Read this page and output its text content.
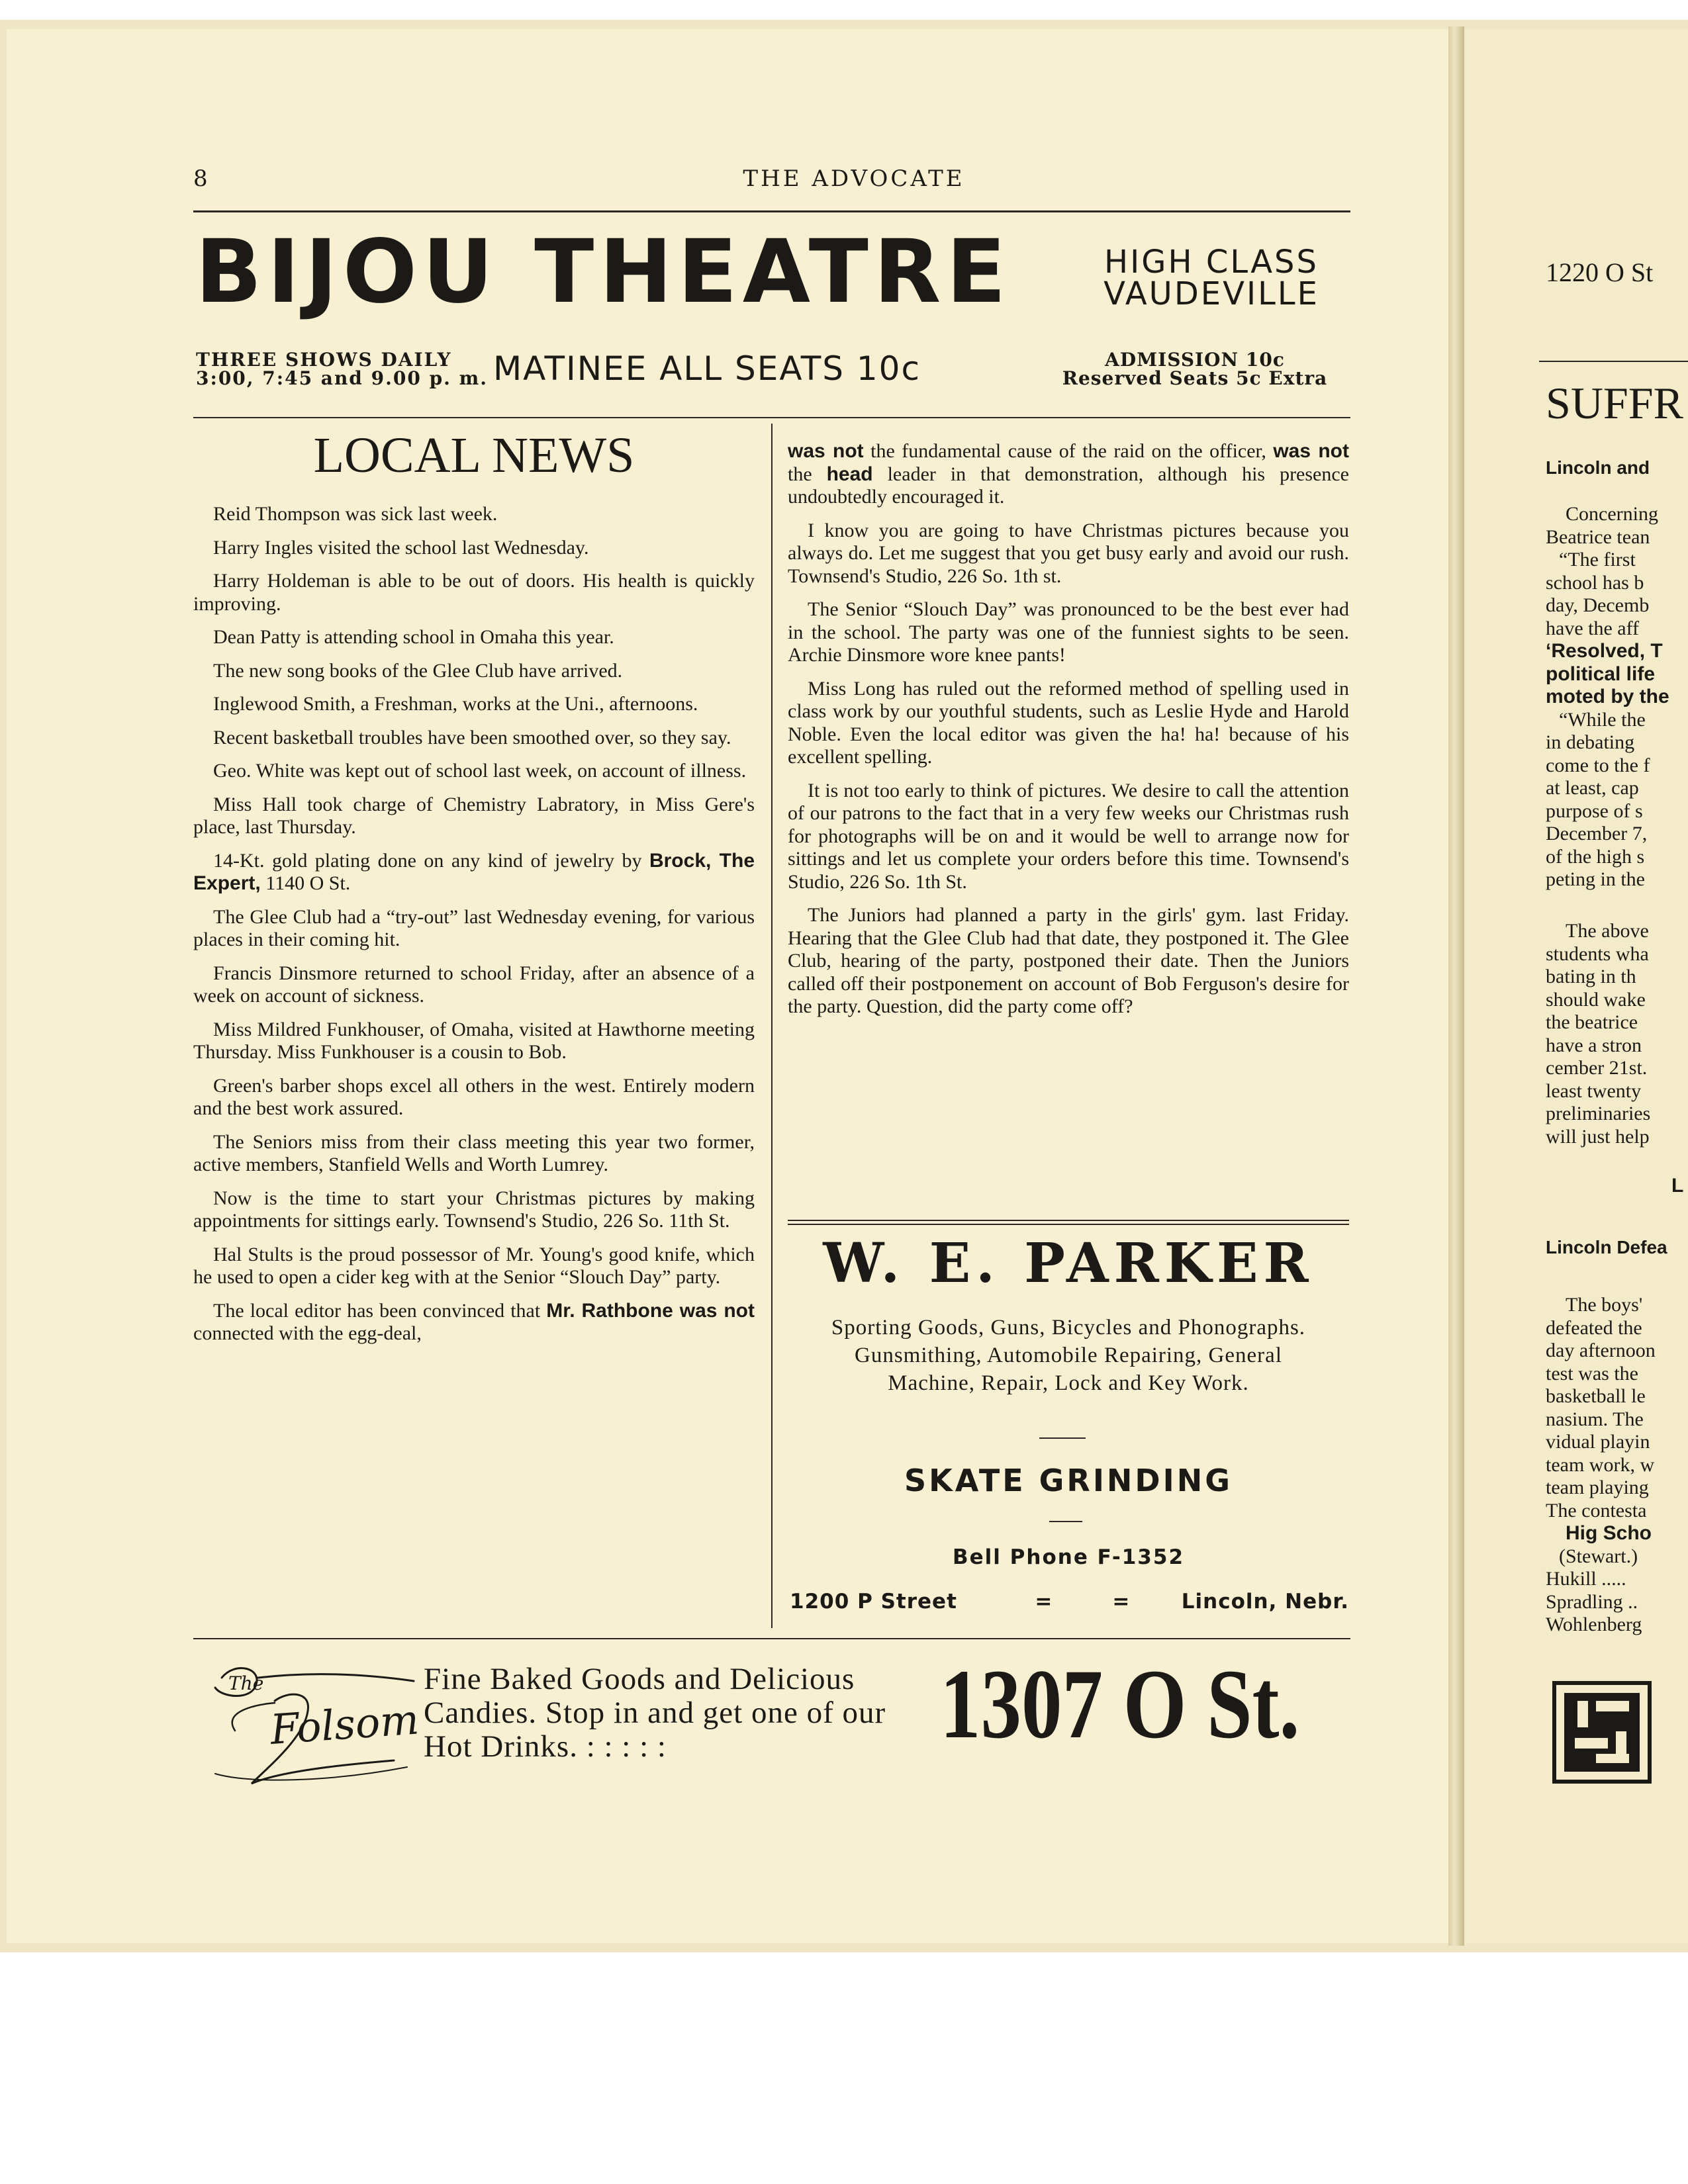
8	THE ADVOCATE
BIJOU THEATRE	HIGH CLASS
VAUDEVILLE
THREE SHOWS DAILY
3:00, 7:45 and 9.00 p. m. MATINEE ALL SEATS 10c	ADMISSION 10c
Reserved Seats 5c Extra
LOCAL NEWS

Reid Thompson was sick last week.

Harry Ingles visited the school last Wednesday.

Harry Holdeman is able to be out of doors. His health is quickly improving.

Dean Patty is attending school in Omaha this year.

The new song books of the Glee Club have arrived.

Inglewood Smith, a Freshman, works at the Uni., afternoons.

Recent basketball troubles have been smoothed over, so they say.

Geo. White was kept out of school last week, on account of illness.

Miss Hall took charge of Chemistry Labratory, in Miss Gere's place, last Thursday.

14-Kt. gold plating done on any kind of jewelry by Brock, The Expert, 1140 O St.

The Glee Club had a “try-out” last Wednesday evening, for various places in their coming hit.

Francis Dinsmore returned to school Friday, after an absence of a week on account of sickness.

Miss Mildred Funkhouser, of Omaha, visited at Hawthorne meeting Thursday. Miss Funkhouser is a cousin to Bob.

Green's barber shops excel all others in the west. Entirely modern and the best work assured.

The Seniors miss from their class meeting this year two former, active members, Stanfield Wells and Worth Lumrey.

Now is the time to start your Christmas pictures by making appointments for sittings early. Townsend's Studio, 226 So. 11th St.

Hal Stults is the proud possessor of Mr. Young's good knife, which he used to open a cider keg with at the Senior “Slouch Day” party.

The local editor has been convinced that Mr. Rathbone was not connected with the egg-deal,

was not the fundamental cause of the raid on the officer, was not the head leader in that demonstration, although his presence undoubtedly encouraged it.

I know you are going to have Christmas pictures because you always do. Let me suggest that you get busy early and avoid our rush. Townsend's Studio, 226 So. 1th st.

The Senior “Slouch Day” was pronounced to be the best ever had in the school. The party was one of the funniest sights to be seen. Archie Dinsmore wore knee pants!

Miss Long has ruled out the reformed method of spelling used in class work by our youthful students, such as Leslie Hyde and Harold Noble. Even the local editor was given the ha! ha! because of his excellent spelling.

It is not too early to think of pictures. We desire to call the attention of our patrons to the fact that in a very few weeks our Christmas rush for photographs will be on and it would be well to arrange now for sittings and let us complete your orders before this time. Townsend's Studio, 226 So. 1th St.

The Juniors had planned a party in the girls' gym. last Friday. Hearing that the Glee Club had that date, they postponed it. The Glee Club, hearing of the party, postponed their date. Then the Juniors called off their postponement on account of Bob Ferguson's desire for the party. Question, did the party come off?

W. E. PARKER
Sporting Goods, Guns, Bicycles and Phonographs. Gunsmithing, Automobile Repairing, General Machine, Repair, Lock and Key Work.
SKATE GRINDING
Bell Phone F-1352
1200 P Street	=	= Lincoln, Nebr.
The
Folsom
Fine Baked Goods and Delicious Candies. Stop in and get one of our Hot Drinks. : : : : :	1307 O St.
1220 O St
SUFFR
Lincoln and
Concerning
Beatrice tean
“The first
school has b
day, Decemb
have the aff
‘Resolved, T
political life
moted by the
“While the
in debating
come to the f
at least, cap
purpose of s
December 7,
of the high s
peting in the
The above
students wha
bating in th
should wake
the beatrice
have a stron
cember 21st.
least twenty
preliminaries
will just help
L
Lincoln Defea
The boys'
defeated the
day afternoon
test was the
basketball le
nasium. The
vidual playin
team work, w
team playing
The contesta
Hig Scho
(Stewart.)
Hukill .....
Spradling ..
Wohlenberg
